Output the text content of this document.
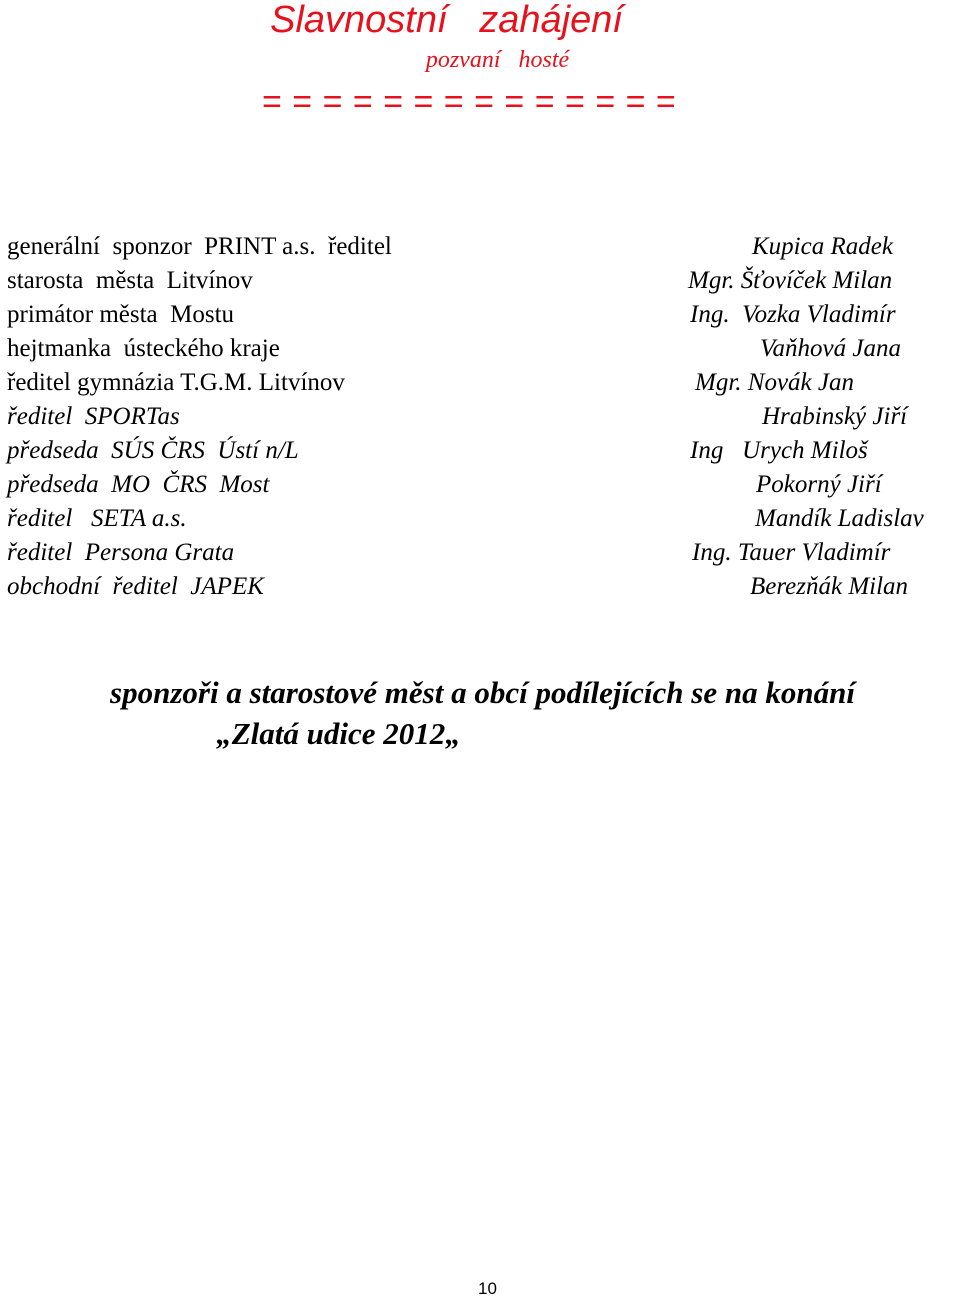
Slavnostní   zahájení
pozvaní   hosté
= = = = = = = = = = = = = =
generální  sponzor  PRINT a.s.  ředitel	Kupica Radek
starosta  města  Litvínov	Mgr. Šťovíček Milan
primátor města  Mostu	Ing.  Vozka Vladimír
hejtmanka  ústeckého kraje	Vaňhová Jana
ředitel gymnázia T.G.M. Litvínov	Mgr. Novák Jan
ředitel  SPORTas	Hrabinský Jiří
předseda  SÚS ČRS  Ústí n/L	Ing   Urych Miloš
předseda  MO  ČRS  Most	Pokorný Jiří
ředitel   SETA a.s.	Mandík Ladislav
ředitel  Persona Grata	Ing. Tauer Vladimír
obchodní  ředitel  JAPEK	Berezňák Milan
sponzoři a starostové měst a obcí podílejících se na konání
„Zlatá udice 2012„
10
